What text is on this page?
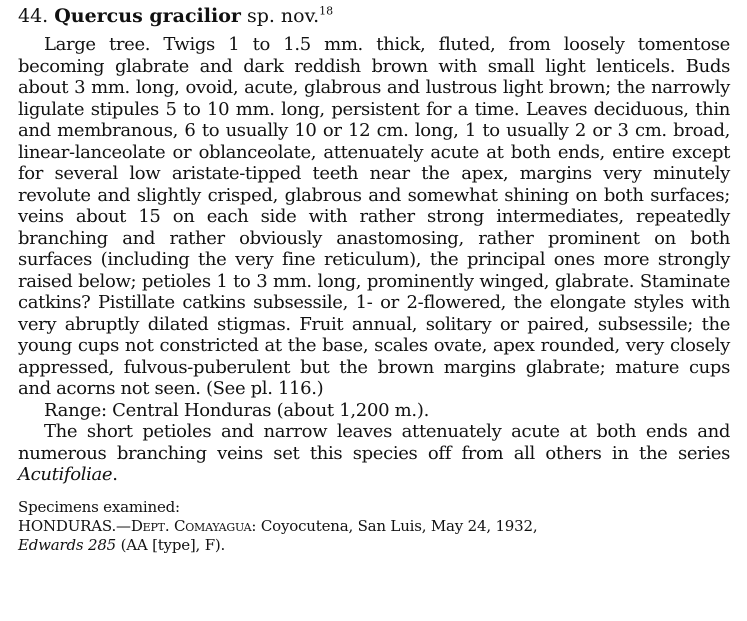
44. Quercus gracilior sp. nov.$^{18}$

Large tree. Twigs 1 to 1.5 mm. thick, fluted, from loosely tomentose becoming glabrate and dark reddish brown with small light lenticels. Buds about 3 mm. long, ovoid, acute, glabrous and lustrous light brown; the narrowly ligulate stipules 5 to 10 mm. long, persistent for a time. Leaves deciduous, thin and membranous, 6 to usually 10 or 12 cm. long, 1 to usually 2 or 3 cm. broad, linear-lanceolate or oblanceolate, attenuately acute at both ends, entire except for several low aristate-tipped teeth near the apex, margins very minutely revolute and slightly crisped, glabrous and somewhat shining on both surfaces; veins about 15 on each side with rather strong intermediates, repeatedly branching and rather obviously anastomosing, rather prominent on both surfaces (including the very fine reticulum), the principal ones more strongly raised below; petioles 1 to 3 mm. long, prominently winged, glabrate. Staminate catkins? Pistillate catkins subsessile, 1- or 2-flowered, the elongate styles with very abruptly dilated stigmas. Fruit annual, solitary or paired, subsessile; the young cups not constricted at the base, scales ovate, apex rounded, very closely appressed, fulvous-puberulent but the brown margins glabrate; mature cups and acorns not seen. (See pl. 116.)

Range: Central Honduras (about 1,200 m.).

The short petioles and narrow leaves attenuately acute at both ends and numerous branching veins set this species off from all others in the series Acutifoliae.

Specimens examined:
HONDURAS.—Dept. Comayagua: Coyocutena, San Luis, May 24, 1932,
Edwards 285 (AA [type], F).
